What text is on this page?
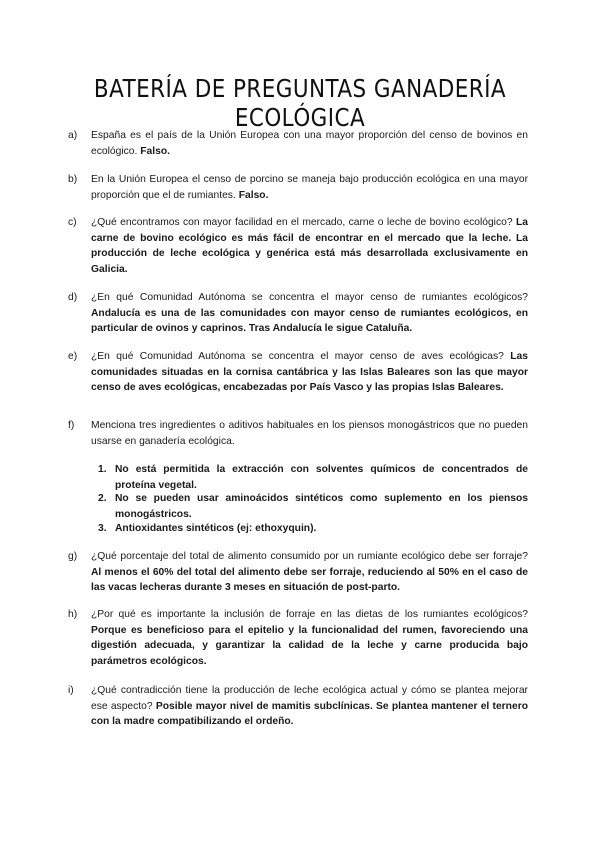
BATERÍA DE PREGUNTAS GANADERÍA ECOLÓGICA
a) España es el país de la Unión Europea con una mayor proporción del censo de bovinos en ecológico. Falso.
b) En la Unión Europea el censo de porcino se maneja bajo producción ecológica en una mayor proporción que el de rumiantes. Falso.
c) ¿Qué encontramos con mayor facilidad en el mercado, carne o leche de bovino ecológico? La carne de bovino ecológico es más fácil de encontrar en el mercado que la leche. La producción de leche ecológica y genérica está más desarrollada exclusivamente en Galicia.
d) ¿En qué Comunidad Autónoma se concentra el mayor censo de rumiantes ecológicos? Andalucía es una de las comunidades con mayor censo de rumiantes ecológicos, en particular de ovinos y caprinos. Tras Andalucía le sigue Cataluña.
e) ¿En qué Comunidad Autónoma se concentra el mayor censo de aves ecológicas? Las comunidades situadas en la cornisa cantábrica y las Islas Baleares son las que mayor censo de aves ecológicas, encabezadas por País Vasco y las propias Islas Baleares.
f) Menciona tres ingredientes o aditivos habituales en los piensos monogástricos que no pueden usarse en ganadería ecológica.
1. No está permitida la extracción con solventes químicos de concentrados de proteína vegetal.
2. No se pueden usar aminoácidos sintéticos como suplemento en los piensos monogástricos.
3. Antioxidantes sintéticos (ej: ethoxyquin).
g) ¿Qué porcentaje del total de alimento consumido por un rumiante ecológico debe ser forraje? Al menos el 60% del total del alimento debe ser forraje, reduciendo al 50% en el caso de las vacas lecheras durante 3 meses en situación de post-parto.
h) ¿Por qué es importante la inclusión de forraje en las dietas de los rumiantes ecológicos? Porque es beneficioso para el epitelio y la funcionalidad del rumen, favoreciendo una digestión adecuada, y garantizar la calidad de la leche y carne producida bajo parámetros ecológicos.
i) ¿Qué contradicción tiene la producción de leche ecológica actual y cómo se plantea mejorar ese aspecto? Posible mayor nivel de mamitis subclínicas. Se plantea mantener el ternero con la madre compatibilizando el ordeño.
